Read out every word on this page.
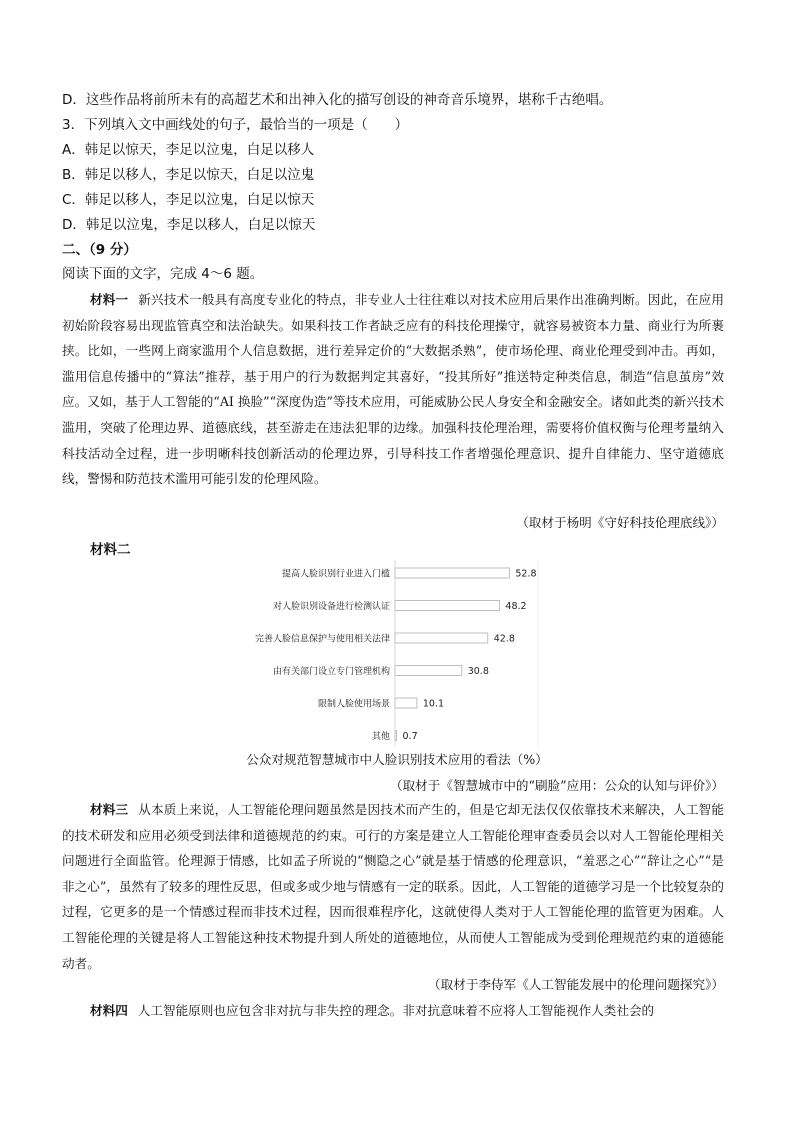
D．这些作品将前所未有的高超艺术和出神入化的描写创设的神奇音乐境界，堪称千古绝唱。
3．下列填入文中画线处的句子，最恰当的一项是（　　）
A．韩足以惊天，李足以泣鬼，白足以移人
B．韩足以移人，李足以惊天，白足以泣鬼
C．韩足以移人，李足以泣鬼，白足以惊天
D．韩足以泣鬼，李足以移人，白足以惊天
二、（9 分）
阅读下面的文字，完成 4～6 题。

材料一 新兴技术一般具有高度专业化的特点，非专业人士往往难以对技术应用后果作出准确判断。因此，在应用初始阶段容易出现监管真空和法治缺失。如果科技工作者缺乏应有的科技伦理操守，就容易被资本力量、商业行为所裹挟。比如，一些网上商家滥用个人信息数据，进行差异定价的“大数据杀熟”，使市场伦理、商业伦理受到冲击。再如，滥用信息传播中的“算法”推荐，基于用户的行为数据判定其喜好，“投其所好”推送特定种类信息，制造“信息茧房”效应。又如，基于人工智能的“AI 换脸”“深度伪造”等技术应用，可能威胁公民人身安全和金融安全。诸如此类的新兴技术滥用，突破了伦理边界、道德底线，甚至游走在违法犯罪的边缘。加强科技伦理治理，需要将价值权衡与伦理考量纳入科技活动全过程，进一步明晰科技创新活动的伦理边界，引导科技工作者增强伦理意识、提升自律能力、坚守道德底线，警惕和防范技术滥用可能引发的伦理风险。

（取材于杨明《守好科技伦理底线》）
材料二
提高人脸识别行业进入门槛	52.8
对人脸识别设备进行检测认证	48.2
完善人脸信息保护与使用相关法律	42.8
由有关部门设立专门管理机构	30.8
限制人脸使用场景	10.1
其他 0.7
公众对规范智慧城市中人脸识别技术应用的看法（%）
（取材于《智慧城市中的“刷脸”应用：公众的认知与评价》）

材料三 从本质上来说，人工智能伦理问题虽然是因技术而产生的，但是它却无法仅仅依靠技术来解决，人工智能的技术研发和应用必须受到法律和道德规范的约束。可行的方案是建立人工智能伦理审查委员会以对人工智能伦理相关问题进行全面监管。伦理源于情感，比如孟子所说的“恻隐之心”就是基于情感的伦理意识，“羞恶之心”“辞让之心”“是非之心”，虽然有了较多的理性反思，但或多或少地与情感有一定的联系。因此，人工智能的道德学习是一个比较复杂的过程，它更多的是一个情感过程而非技术过程，因而很难程序化，这就使得人类对于人工智能伦理的监管更为困难。人工智能伦理的关键是将人工智能这种技术物提升到人所处的道德地位，从而使人工智能成为受到伦理规范约束的道德能动者。

（取材于李侍军《人工智能发展中的伦理问题探究》）

材料四 人工智能原则也应包含非对抗与非失控的理念。非对抗意味着不应将人工智能视作人类社会的
